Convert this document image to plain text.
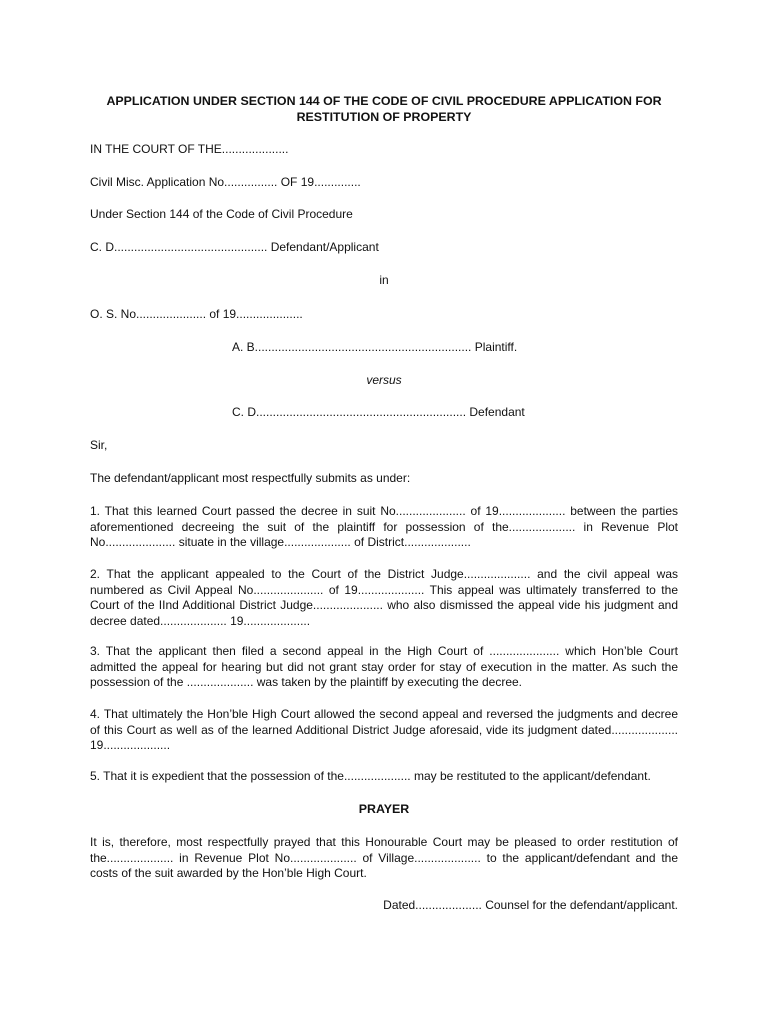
APPLICATION UNDER SECTION 144 OF THE CODE OF CIVIL PROCEDURE APPLICATION FOR
RESTITUTION OF PROPERTY
IN THE COURT OF THE....................
Civil Misc. Application No................ OF 19..............
Under Section 144 of the Code of Civil Procedure
C. D.............................................. Defendant/Applicant
in
O. S. No..................... of 19....................
A. B................................................................. Plaintiff.
versus
C. D............................................................... Defendant
Sir,
The defendant/applicant most respectfully submits as under:
1. That this learned Court passed the decree in suit No..................... of 19.................... between the parties aforementioned decreeing the suit of the plaintiff for possession of the.................... in Revenue Plot No..................... situate in the village.................... of District....................
2. That the applicant appealed to the Court of the District Judge.................... and the civil appeal was numbered as Civil Appeal No..................... of 19.................... This appeal was ultimately transferred to the Court of the IInd Additional District Judge..................... who also dismissed the appeal vide his judgment and decree dated.................... 19....................
3. That the applicant then filed a second appeal in the High Court of ..................... which Hon’ble Court admitted the appeal for hearing but did not grant stay order for stay of execution in the matter. As such the possession of the .................... was taken by the plaintiff by executing the decree.
4. That ultimately the Hon’ble High Court allowed the second appeal and reversed the judgments and decree of this Court as well as of the learned Additional District Judge aforesaid, vide its judgment dated.................... 19....................
5. That it is expedient that the possession of the.................... may be restituted to the applicant/defendant.
PRAYER
It is, therefore, most respectfully prayed that this Honourable Court may be pleased to order restitution of the.................... in Revenue Plot No.................... of Village.................... to the applicant/defendant and the costs of the suit awarded by the Hon’ble High Court.
Dated.................... Counsel for the defendant/applicant.
